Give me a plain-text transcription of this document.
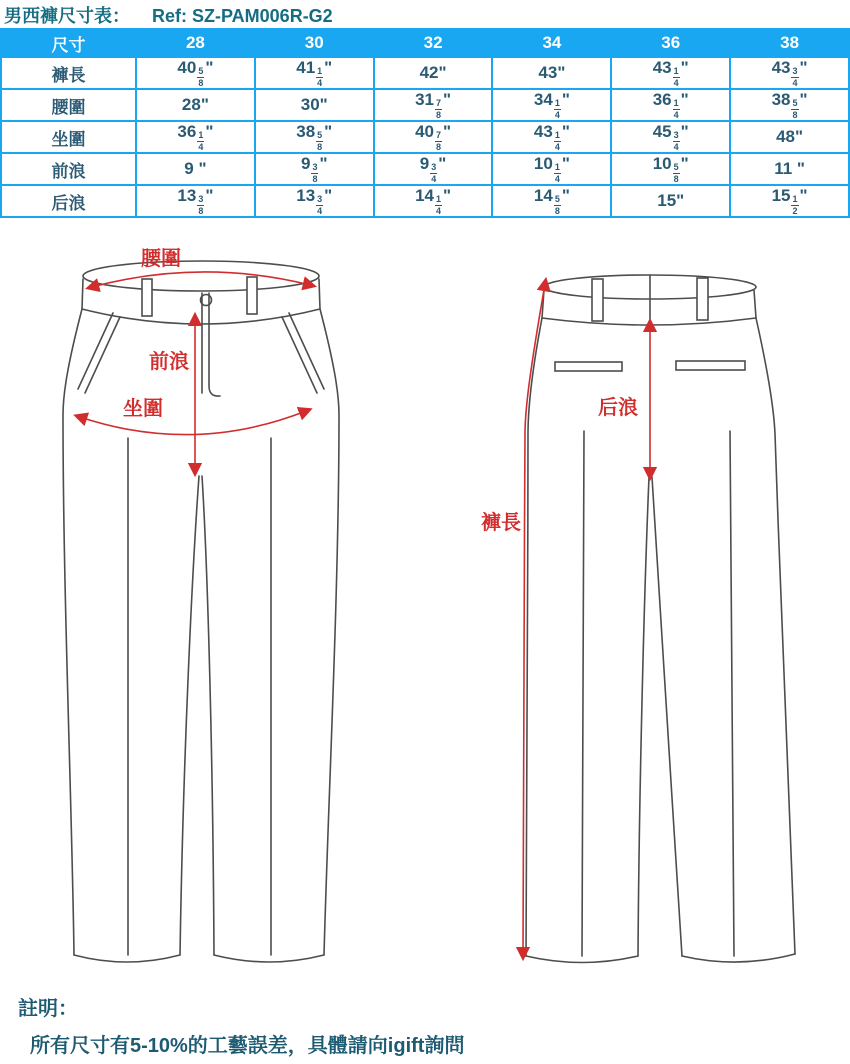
男西褲尺寸表： Ref: SZ-PAM006R-G2
尺寸	28	30	32	34	36	38
褲長	$40 \frac{5}{8}$ "	$41 \frac{1}{4}$ "	42"	43"	$43 \frac{1}{4}$ "	$43 \frac{3}{4}$ "
腰圍	28"	30"	$31 \frac{7}{8}$ "	$34 \frac{1}{4}$ "	$36 \frac{1}{4}$ "	$38 \frac{5}{8}$ "
坐圍	$36 \frac{1}{4}$ "	$38 \frac{5}{8}$ "	$40 \frac{7}{8}$ "	$43 \frac{1}{4}$ "	$45 \frac{3}{4}$ "	48"
前浪	9 "	$9 \frac{3}{8}$ "	$9 \frac{3}{4}$ "	$10 \frac{1}{4}$ "	$10 \frac{5}{8}$ "	11 "
后浪	$13 \frac{3}{8}$ "	$13 \frac{3}{4}$ "	$14 \frac{1}{4}$ "	$14 \frac{5}{8}$ "	15"	$15 \frac{1}{2}$ "
腰圍
前浪
坐圍	后浪
褲長
註明：
所有尺寸有5-10%的工藝誤差，具體請向igift詢問
